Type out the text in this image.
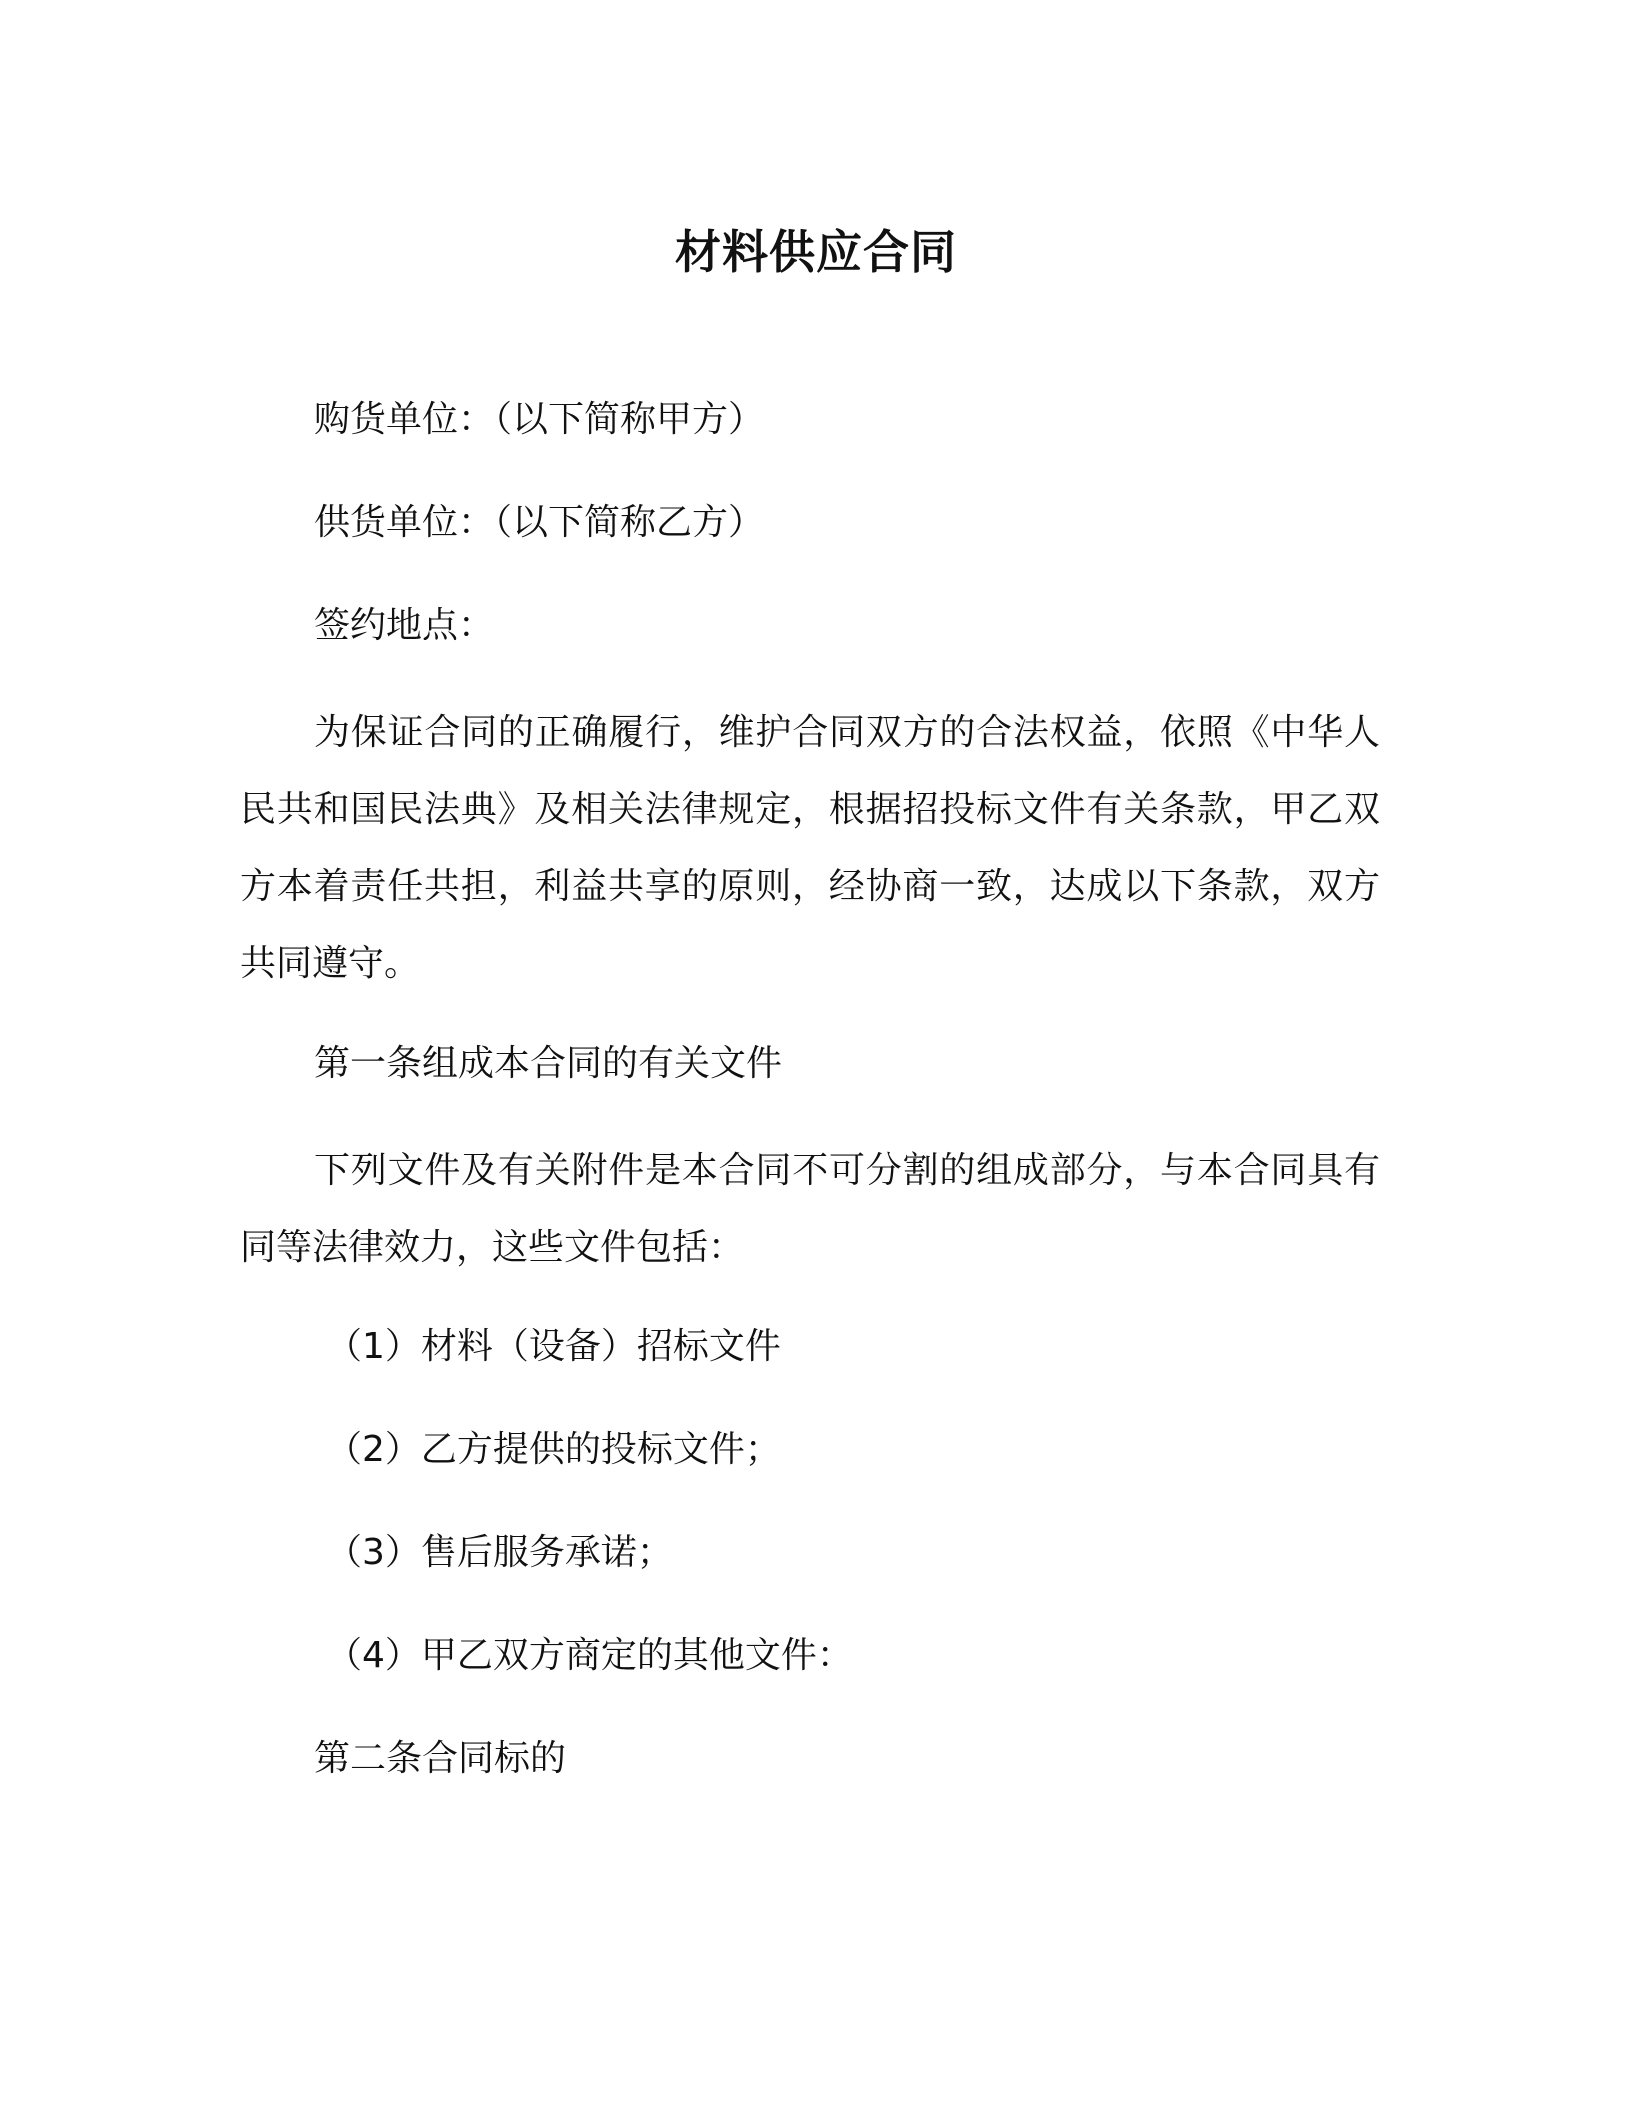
材料供应合同

购货单位：（以下简称甲方）

供货单位：（以下简称乙方）

签约地点：

为保证合同的正确履行，维护合同双方的合法权益，依照《中华人民共和国民法典》及相关法律规定，根据招投标文件有关条款，甲乙双方本着责任共担，利益共享的原则，经协商一致，达成以下条款，双方共同遵守。

第一条组成本合同的有关文件

下列文件及有关附件是本合同不可分割的组成部分，与本合同具有同等法律效力，这些文件包括：

（1）材料（设备）招标文件

（2）乙方提供的投标文件；

（3）售后服务承诺；

（4）甲乙双方商定的其他文件：

第二条合同标的
